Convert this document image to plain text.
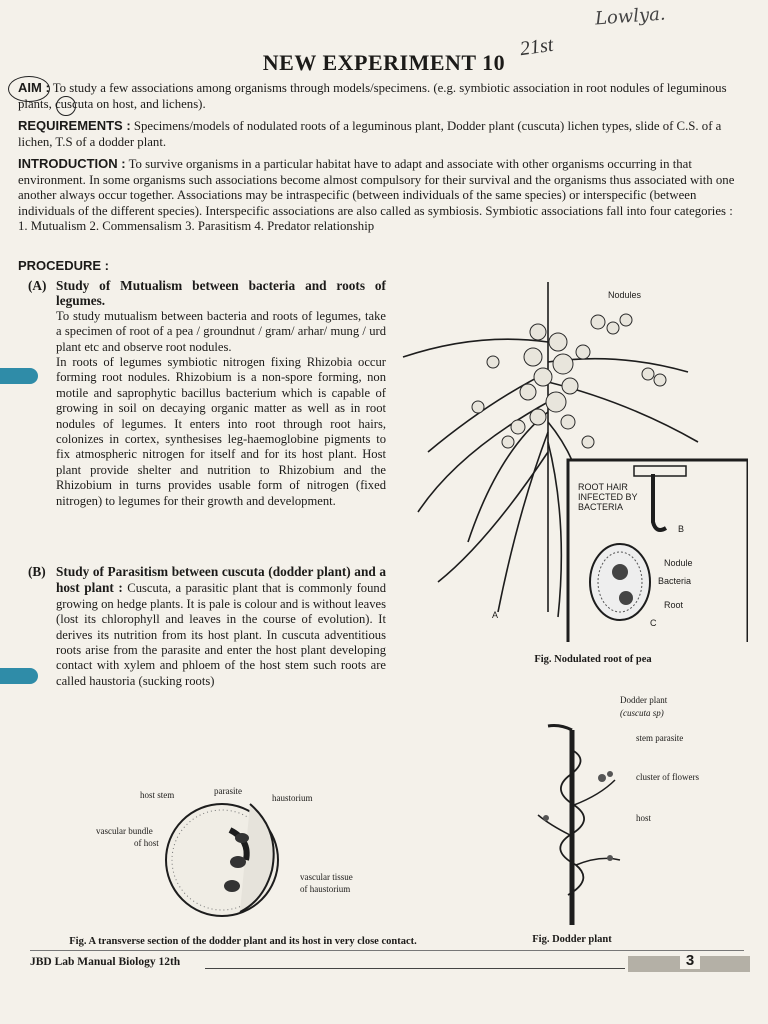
Lowlya.
NEW EXPERIMENT 10
21st
AIM : To study a few associations among organisms through models/specimens. (e.g. symbiotic association in root nodules of leguminous plants, cuscuta on host, and lichens).
REQUIREMENTS : Specimens/models of nodulated roots of a leguminous plant, Dodder plant (cuscuta) lichen types, slide of C.S. of a lichen, T.S of a dodder plant.
INTRODUCTION : To survive organisms in a particular habitat have to adapt and associate with other organisms occurring in that environment. In some organisms such associations become almost compulsory for their survival and the organisms thus associated with one another always occur together. Associations may be intraspecific (between individuals of the same species) or interspecific (between individuals of the different species). Interspecific associations are also called as symbiosis. Symbiotic associations fall into four categories :
1. Mutualism 2. Commensalism 3. Parasitism 4. Predator relationship
PROCEDURE :
(A) Study of Mutualism between bacteria and roots of legumes.
To study mutualism between bacteria and roots of legumes, take a specimen of root of a pea / groundnut / gram/ arhar/ mung / urd plant etc and observe root nodules.
In roots of legumes symbiotic nitrogen fixing Rhizobia occur forming root nodules. Rhizobium is a non-spore forming, non motile and saprophytic bacillus bacterium which is capable of growing in soil on decaying organic matter as well as in root nodules of legumes. It enters into root through root hairs, colonizes in cortex, synthesises leg-haemoglobine pigments to fix atmospheric nitrogen for itself and for its host plant. Host plant provide shelter and nutrition to Rhizobium and the Rhizobium in turns provides usable form of nitrogen (fixed nitrogen) to legumes for their growth and development.
(B) Study of Parasitism between cuscuta (dodder plant) and a host plant : Cuscuta, a parasitic plant that is commonly found growing on hedge plants. It is pale is colour and is without leaves (lost its chlorophyll and leaves in the course of evolution). It derives its nutrition from its host plant. In cuscuta adventitious roots arise from the parasite and enter the host plant developing contact with xylem and phloem of the host stem such roots are called haustoria (sucking roots)
Nodules
ROOT HAIR INFECTED BY BACTERIA
B
Nodule
Bacteria
Root
A
C
Fig. Nodulated root of pea
Dodder plant
(cuscuta sp)
stem parasite
cluster of flowers
host
Fig. Dodder plant
host stem	parasite
haustorium
vascular bundle
of host
vascular tissue
of haustorium
Fig. A transverse section of the dodder plant and its host in very close contact.
JBD Lab Manual Biology 12th	3
